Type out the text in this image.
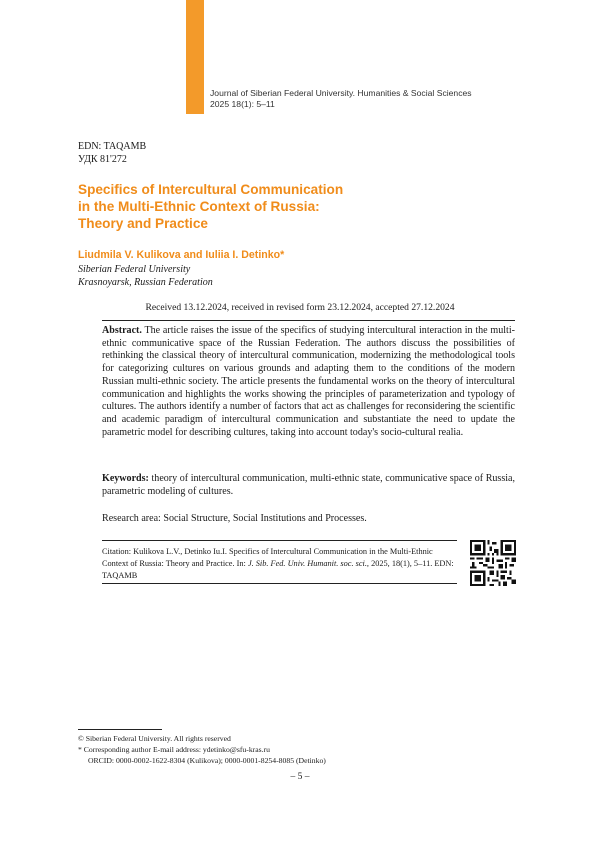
Journal of Siberian Federal University. Humanities & Social Sciences
2025 18(1): 5–11
EDN: TAQAMB
УДК 81'272
Specifics of Intercultural Communication
in the Multi-Ethnic Context of Russia:
Theory and Practice
Liudmila V. Kulikova and Iuliia I. Detinko*
Siberian Federal University
Krasnoyarsk, Russian Federation
Received 13.12.2024, received in revised form 23.12.2024, accepted 27.12.2024

Abstract. The article raises the issue of the specifics of studying intercultural interaction in the multi-ethnic communicative space of the Russian Federation. The authors discuss the possibilities of rethinking the classical theory of intercultural communication, modernizing the methodological tools for categorizing cultures on various grounds and adapting them to the conditions of the modern Russian multi-ethnic society. The article presents the fundamental works on the theory of intercultural communication and highlights the works showing the principles of parameterization and typology of cultures. The authors identify a number of factors that act as challenges for reconsidering the scientific and academic paradigm of intercultural communication and substantiate the need to update the parametric model for describing cultures, taking into account today's socio-cultural realia.

Keywords: theory of intercultural communication, multi-ethnic state, communicative space of Russia, parametric modeling of cultures.

Research area: Social Structure, Social Institutions and Processes.

Citation: Kulikova L.V., Detinko Iu.I. Specifics of Intercultural Communication in the Multi-Ethnic Context of Russia: Theory and Practice. In: J. Sib. Fed. Univ. Humanit. soc. sci., 2025, 18(1), 5–11. EDN: TAQAMB

© Siberian Federal University. All rights reserved
* Corresponding author E-mail address: ydetinko@sfu-kras.ru
ORCID: 0000-0002-1622-8304 (Kulikova); 0000-0001-8254-8085 (Detinko)
– 5 –
